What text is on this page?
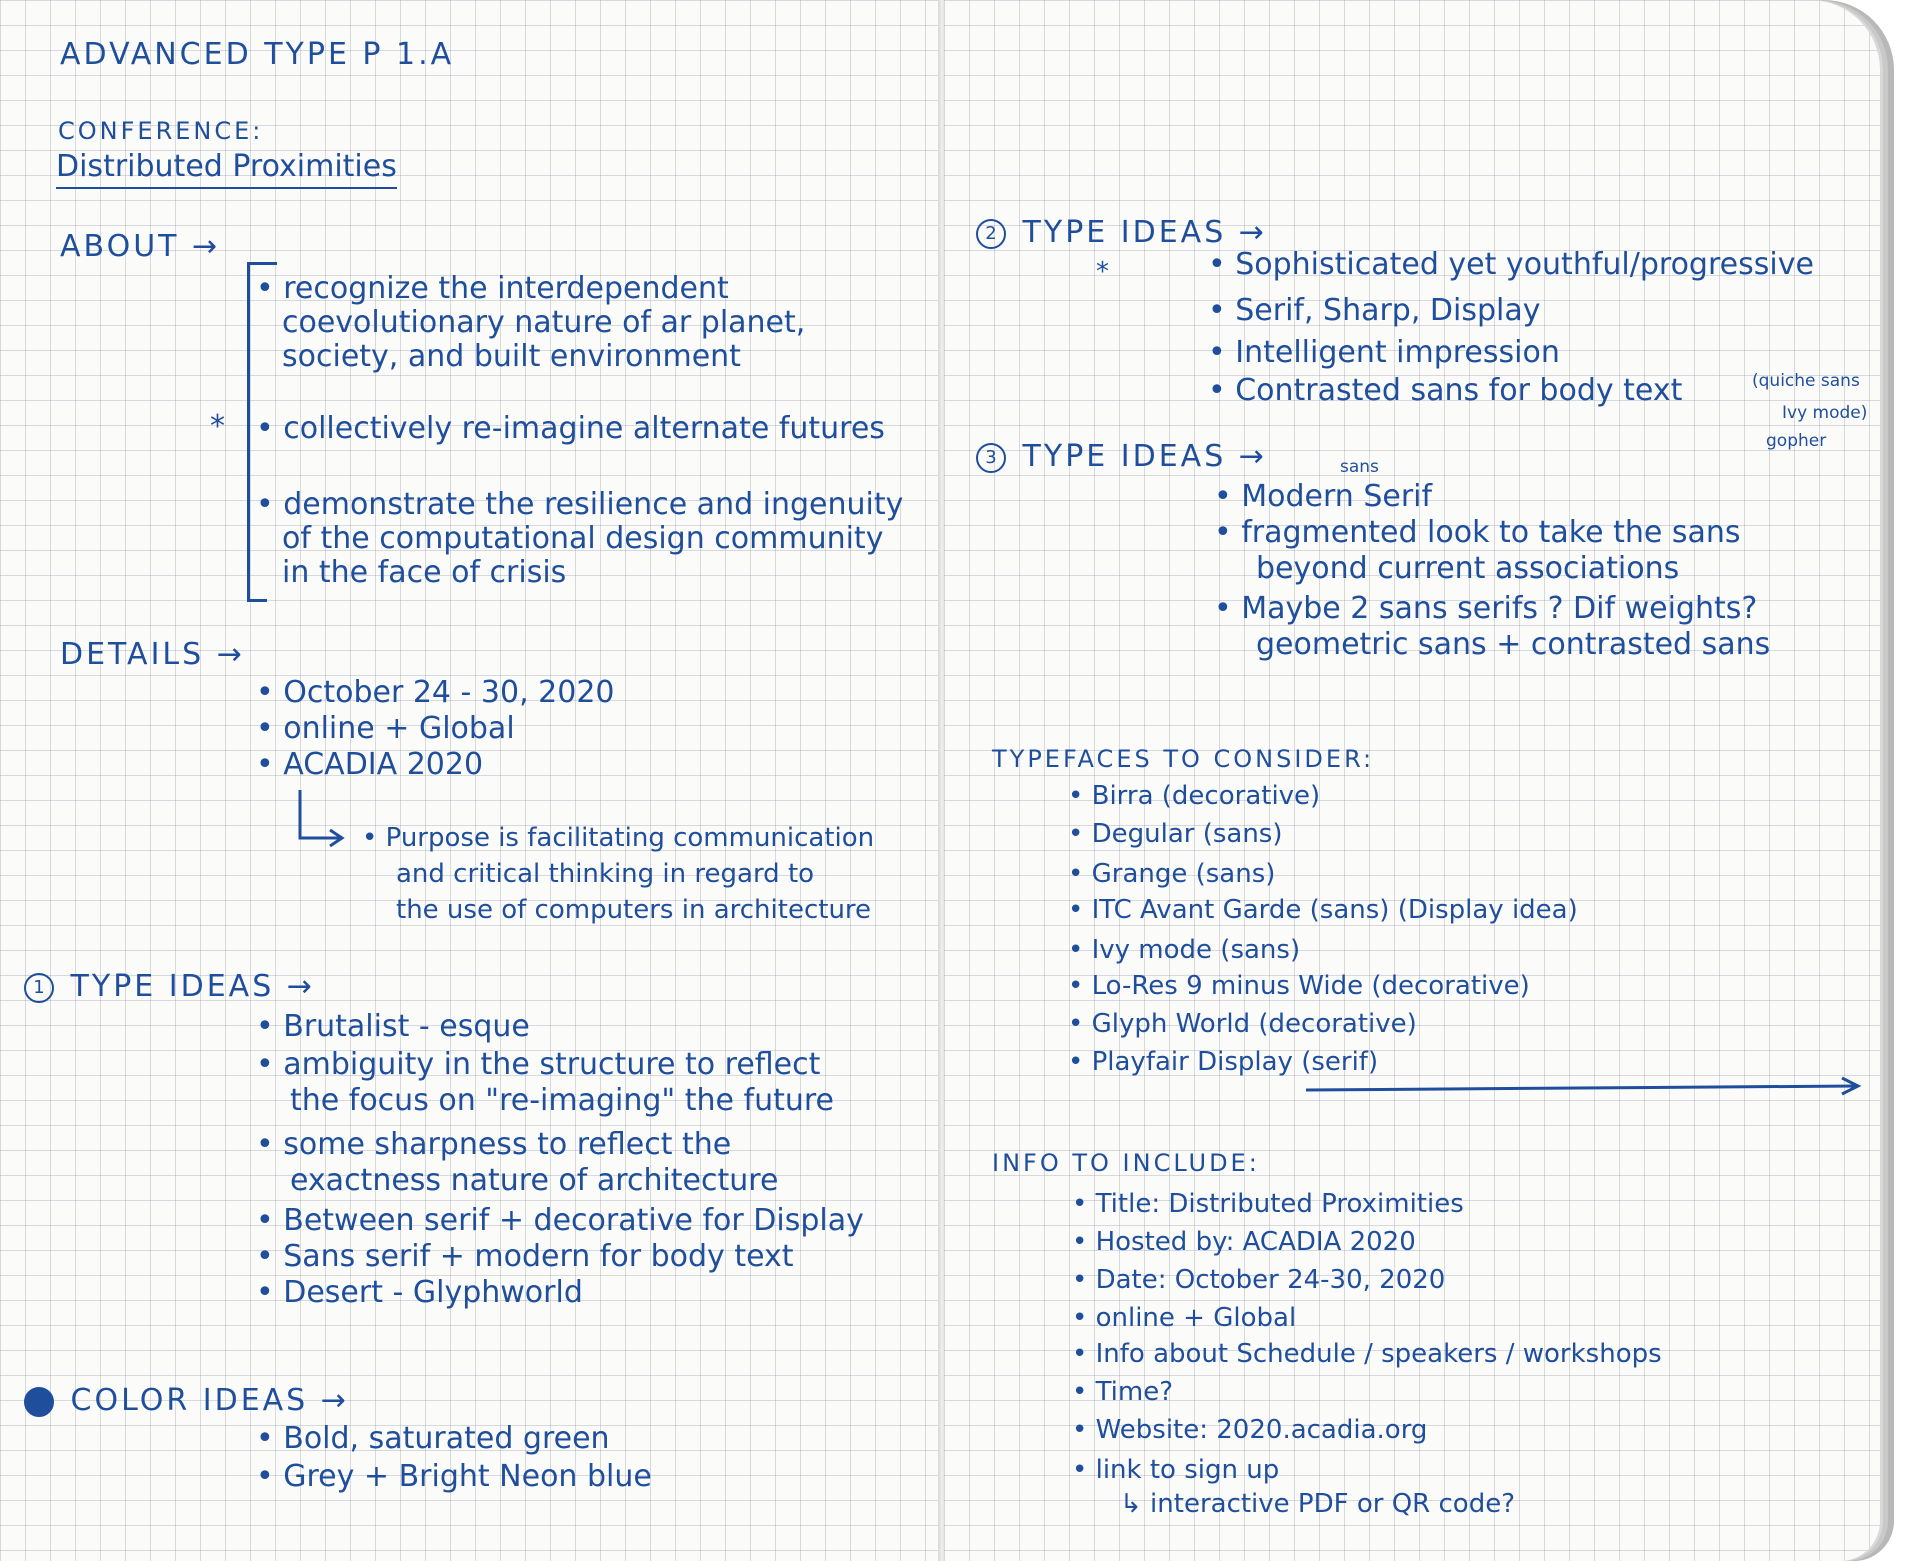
ADVANCED TYPE P 1.A
CONFERENCE:
Distributed Proximities
ABOUT →
*
• recognize the interdependent
coevolutionary nature of ar planet,
society, and built environment
• collectively re-imagine alternate futures
• demonstrate the resilience and ingenuity
of the computational design community
in the face of crisis
DETAILS →
• October 24 - 30, 2020
• online + Global
• ACADIA 2020
• Purpose is facilitating communication
and critical thinking in regard to
the use of computers in architecture
1 TYPE IDEAS →
• Brutalist - esque
• ambiguity in the structure to reflect
the focus on "re-imaging" the future
• some sharpness to reflect the
exactness nature of architecture
• Between serif + decorative for Display
• Sans serif + modern for body text
• Desert - Glyphworld
COLOR IDEAS →
• Bold, saturated green
• Grey + Bright Neon blue
2 TYPE IDEAS →
*	• Sophisticated yet youthful/progressive
• Serif, Sharp, Display
• Intelligent impression
• Contrasted sans for body text	(quiche sans
Ivy mode)
gopher
3 TYPE IDEAS →	sans
• Modern Serif
• fragmented look to take the sans
beyond current associations
• Maybe 2 sans serifs ? Dif weights?
geometric sans + contrasted sans
TYPEFACES TO CONSIDER:
• Birra (decorative)
• Degular (sans)
• Grange (sans)
• ITC Avant Garde (sans) (Display idea)
• Ivy mode (sans)
• Lo-Res 9 minus Wide (decorative)
• Glyph World (decorative)
• Playfair Display (serif)
INFO TO INCLUDE:
• Title: Distributed Proximities
• Hosted by: ACADIA 2020
• Date: October 24-30, 2020
• online + Global
• Info about Schedule / speakers / workshops
• Time?
• Website: 2020.acadia.org
• link to sign up
↳ interactive PDF or QR code?
